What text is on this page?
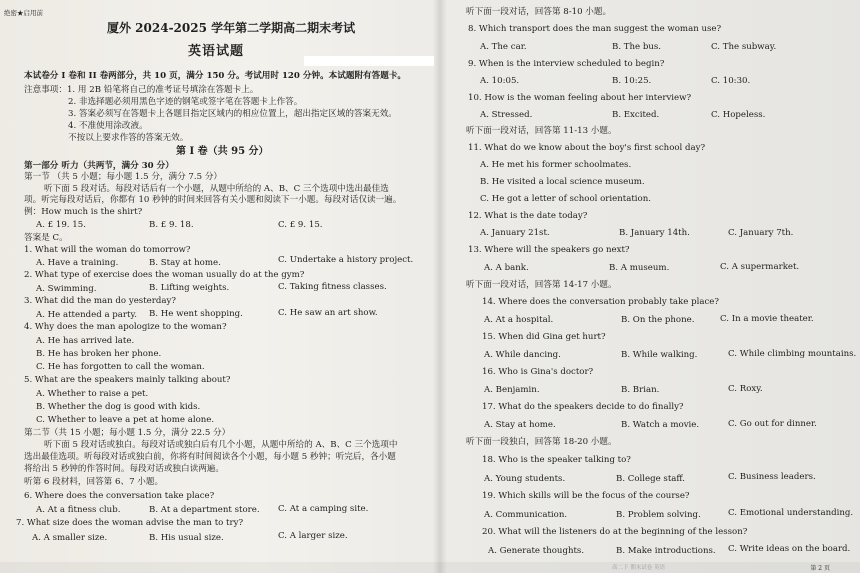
绝密★启用前
厦外 2024-2025 学年第二学期高二期末考试
英语试题
本试卷分 I 卷和 II 卷两部分，共 10 页，满分 150 分。考试用时 120 分钟。本试题附有答题卡。
注意事项：1. 用 2B 铅笔将自己的准考证号填涂在答题卡上。
2. 非选择题必须用黑色字迹的钢笔或签字笔在答题卡上作答。
3. 答案必须写在答题卡上各题目指定区域内的相应位置上，超出指定区域的答案无效。
4. 不准使用涂改液。
不按以上要求作答的答案无效。
第 I 卷（共 95 分）
第一部分 听力（共两节，满分 30 分）
第一节 （共 5 小题；每小题 1.5 分，满分 7.5 分）
听下面 5 段对话。每段对话后有一个小题，从题中所给的 A、B、C 三个选项中选出最佳选
项。听完每段对话后，你都有 10 秒钟的时间来回答有关小题和阅读下一小题。每段对话仅读一遍。
例：How much is the shirt?
A. £ 19. 15.	B. £ 9. 18.	C. £ 9. 15.
答案是 C。
1. What will the woman do tomorrow?
A. Have a training.	B. Stay at home.	C. Undertake a history project.
2. What type of exercise does the woman usually do at the gym?
A. Swimming.	B. Lifting weights.	C. Taking fitness classes.
3. What did the man do yesterday?
A. He attended a party. B. He went shopping.	C. He saw an art show.
4. Why does the man apologize to the woman?
A. He has arrived late.
B. He has broken her phone.
C. He has forgotten to call the woman.
5. What are the speakers mainly talking about?
A. Whether to raise a pet.
B. Whether the dog is good with kids.
C. Whether to leave a pet at home alone.
第二节（共 15 小题；每小题 1.5 分，满分 22.5 分）
听下面 5 段对话或独白。每段对话或独白后有几个小题，从题中所给的 A、B、C 三个选项中
选出最佳选项。听每段对话或独白前，你将有时间阅读各个小题，每小题 5 秒钟；听完后，各小题
将给出 5 秒钟的作答时间。每段对话或独白读两遍。
听第 6 段材料，回答第 6、7 小题。
6. Where does the conversation take place?
A. At a fitness club.	B. At a department store. C. At a camping site.
7. What size does the woman advise the man to try?
A. A smaller size.	B. His usual size.	C. A larger size.
听下面一段对话，回答第 8-10 小题。
8. Which transport does the man suggest the woman use?
A. The car.	B. The bus.	C. The subway.
9. When is the interview scheduled to begin?
A. 10:05.	B. 10:25.	C. 10:30.
10. How is the woman feeling about her interview?
A. Stressed.	B. Excited.	C. Hopeless.
听下面一段对话，回答第 11-13 小题。
11. What do we know about the boy's first school day?
A. He met his former schoolmates.
B. He visited a local science museum.
C. He got a letter of school orientation.
12. What is the date today?
A. January 21st.	B. January 14th.	C. January 7th.
13. Where will the speakers go next?
A. A bank.	B. A museum.	C. A supermarket.
听下面一段对话，回答第 14-17 小题。
14. Where does the conversation probably take place?
A. At a hospital.	B. On the phone.	C. In a movie theater.
15. When did Gina get hurt?
A. While dancing.	B. While walking.	C. While climbing mountains.
16. Who is Gina's doctor?
A. Benjamin.	B. Brian.	C. Roxy.
17. What do the speakers decide to do finally?
A. Stay at home.	B. Watch a movie.	C. Go out for dinner.
听下面一段独白，回答第 18-20 小题。
18. Who is the speaker talking to?
A. Young students.	B. College staff.	C. Business leaders.
19. Which skills will be the focus of the course?
A. Communication.	B. Problem solving.	C. Emotional understanding.
20. What will the listeners do at the beginning of the lesson?
A. Generate thoughts.	B. Make introductions. C. Write ideas on the board.
高二下 期末试卷 英语	第 2 页
